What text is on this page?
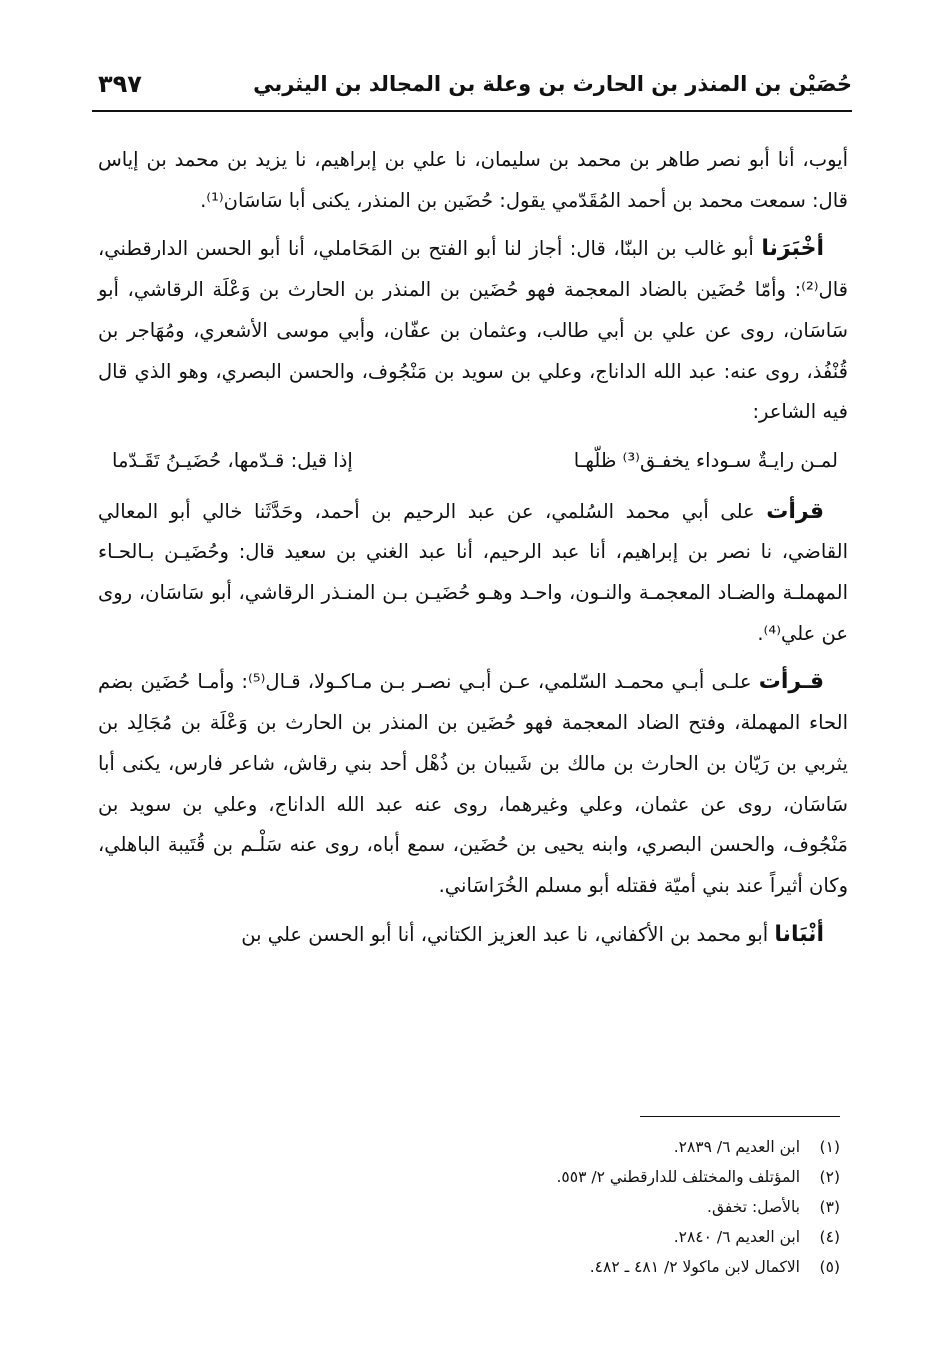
حُصَيْن بن المنذر بن الحارث بن وعلة بن المجالد بن اليثربي
٣٩٧

أيوب، أنا أبو نصر طاهر بن محمد بن سليمان، نا علي بن إبراهيم، نا يزيد بن محمد بن إياس قال: سمعت محمد بن أحمد المُقَدّمي يقول: حُضَين بن المنذر، يكنى أبا سَاسَان⁽¹⁾.

أخْبَرَنا أبو غالب بن البنّا، قال: أجاز لنا أبو الفتح بن المَحَاملي، أنا أبو الحسن الدارقطني، قال⁽²⁾: وأمّا حُضَين بالضاد المعجمة فهو حُضَين بن المنذر بن الحارث بن وَعْلَة الرقاشي، أبو سَاسَان، روى عن علي بن أبي طالب، وعثمان بن عفّان، وأبي موسى الأشعري، ومُهَاجر بن قُنْفُذ، روى عنه: عبد الله الداناج، وعلي بن سويد بن مَنْجُوف، والحسن البصري، وهو الذي قال فيه الشاعر:

لمـن رايـةٌ سـوداء يخفـق⁽³⁾ ظلّهـا
إذا قيل: قـدّمها، حُضَيـنُ تَقَـدّما

قرأت على أبي محمد السُلمي، عن عبد الرحيم بن أحمد، وحَدَّثَنا خالي أبو المعالي القاضي، نا نصر بن إبراهيم، أنا عبد الرحيم، أنا عبد الغني بن سعيد قال: وحُضَيـن بـالحـاء المهملـة والضـاد المعجمـة والنـون، واحـد وهـو حُضَيـن بـن المنـذر الرقاشي، أبو سَاسَان، روى عن علي⁽⁴⁾.

قـرأت علـى أبـي محمـد السّلمي، عـن أبـي نصـر بـن مـاكـولا، قـال⁽⁵⁾: وأمـا حُضَين بضم الحاء المهملة، وفتح الضاد المعجمة فهو حُضَين بن المنذر بن الحارث بن وَعْلَة بن مُجَالِد بن يثربي بن رَيّان بن الحارث بن مالك بن شَيبان بن ذُهْل أحد بني رقاش، شاعر فارس، يكنى أبا سَاسَان، روى عن عثمان، وعلي وغيرهما، روى عنه عبد الله الداناج، وعلي بن سويد بن مَنْجُوف، والحسن البصري، وابنه يحيى بن حُضَين، سمع أباه، روى عنه سَلْـم بن قُتَيبة الباهلي، وكان أثيراً عند بني أميّة فقتله أبو مسلم الخُرَاسَاني.

أنْبَانا أبو محمد بن الأكفاني، نا عبد العزيز الكتاني، أنا أبو الحسن علي بن

(١)
ابن العديم ٦/ ٢٨٣٩.
(٢)
المؤتلف والمختلف للدارقطني ٢/ ٥٥٣.
(٣)
بالأصل: تخفق.
(٤)
ابن العديم ٦/ ٢٨٤٠.
(٥)
الاكمال لابن ماكولا ٢/ ٤٨١ ـ ٤٨٢.
